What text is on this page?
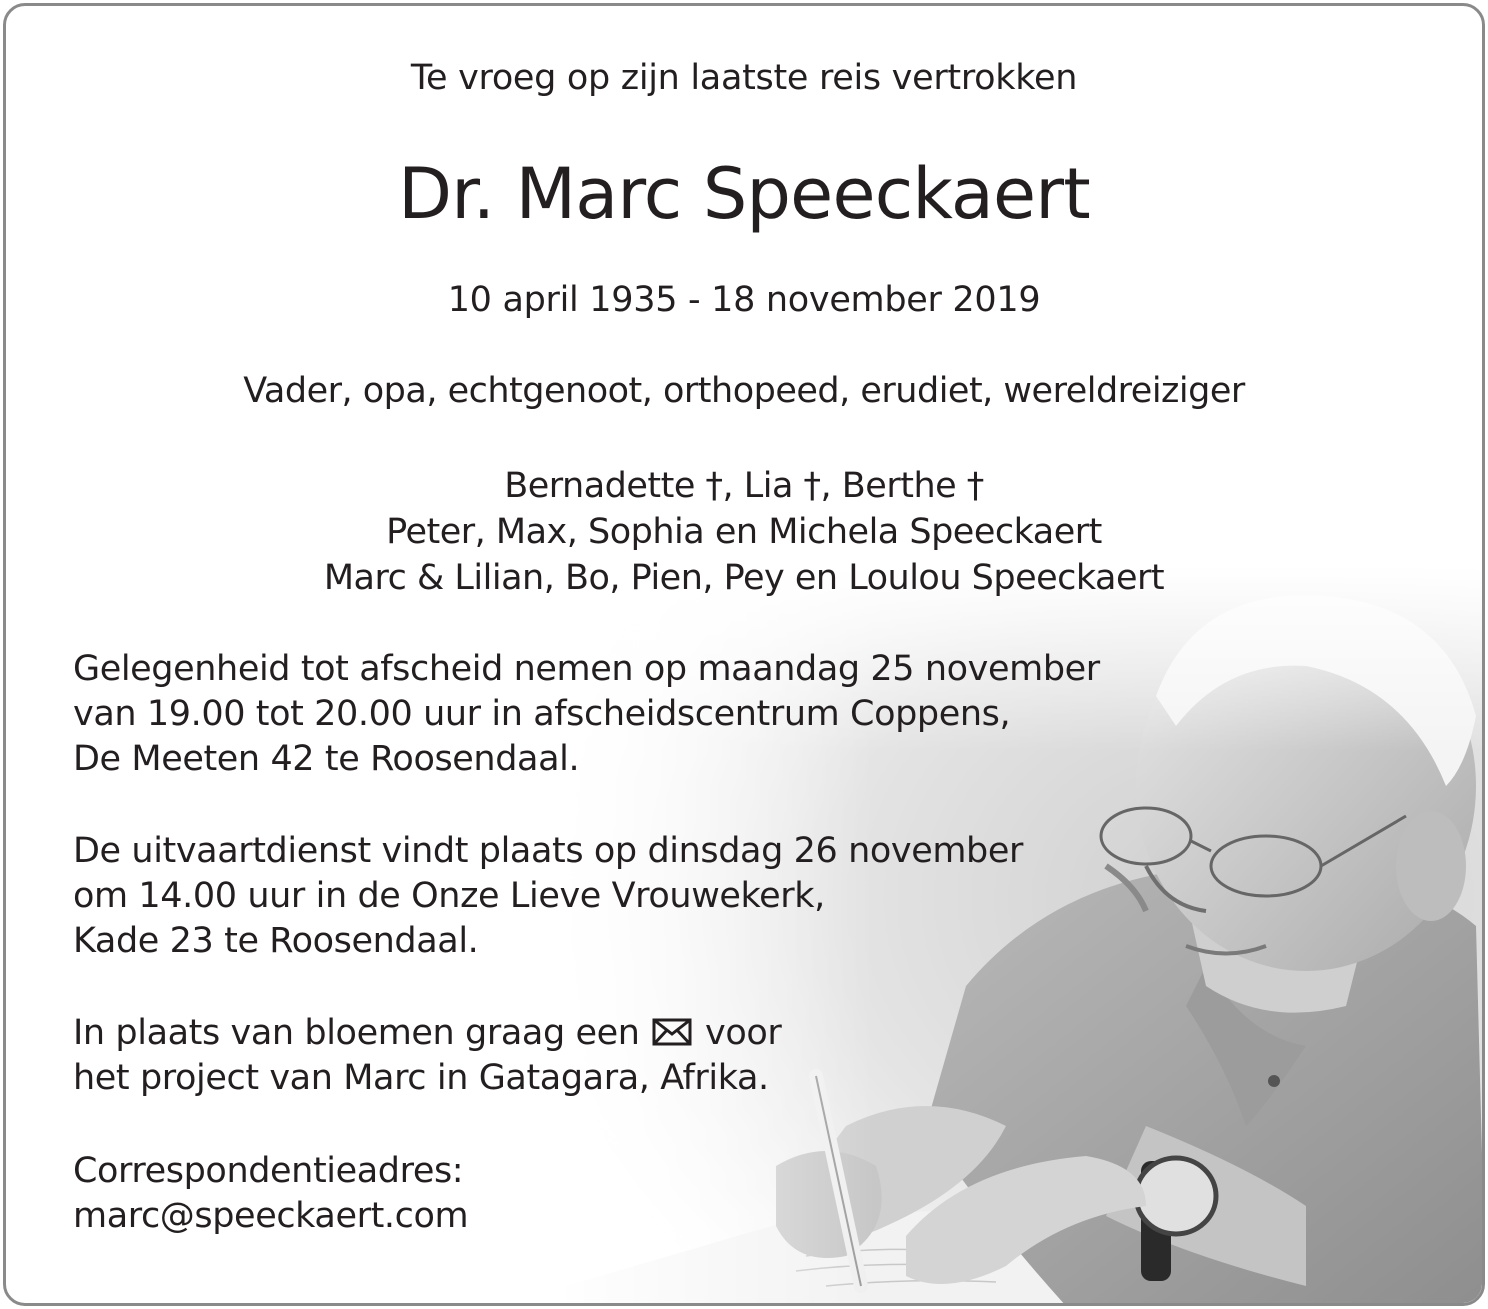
Te vroeg op zijn laatste reis vertrokken
Dr. Marc Speeckaert
10 april 1935 - 18 november 2019
Vader, opa, echtgenoot, orthopeed, erudiet, wereldreiziger
Bernadette †, Lia †, Berthe †
Peter, Max, Sophia en Michela Speeckaert
Marc & Lilian, Bo, Pien, Pey en Loulou Speeckaert
Gelegenheid tot afscheid nemen op maandag 25 november
van 19.00 tot 20.00 uur in afscheidscentrum Coppens,
De Meeten 42 te Roosendaal.
De uitvaartdienst vindt plaats op dinsdag 26 november
om 14.00 uur in de Onze Lieve Vrouwekerk,
Kade 23 te Roosendaal.
In plaats van bloemen graag een voor
het project van Marc in Gatagara, Afrika.
Correspondentieadres:
marc@speeckaert.com
